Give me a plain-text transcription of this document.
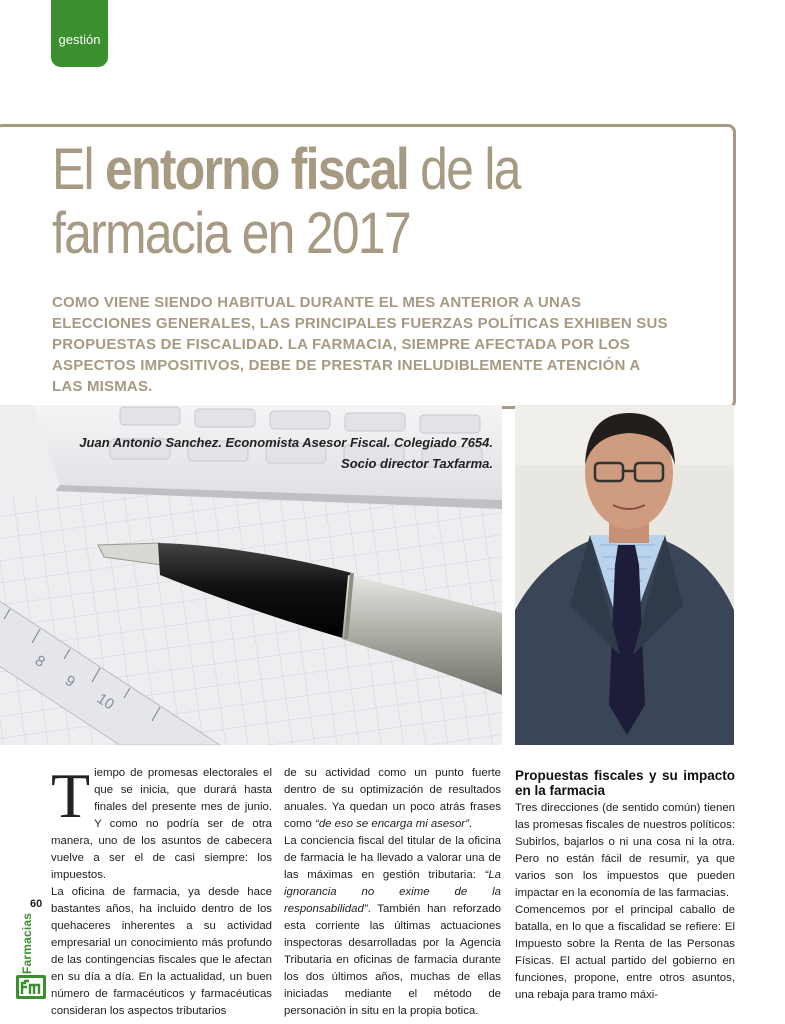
gestión
El entorno fiscal de la
farmacia en 2017

COMO VIENE SIENDO HABITUAL DURANTE EL MES ANTERIOR A UNAS ELECCIONES GENERALES, LAS PRINCIPALES FUERZAS POLÍTICAS EXHIBEN SUS PROPUESTAS DE FISCALIDAD. LA FARMACIA, SIEMPRE AFECTADA POR LOS ASPECTOS IMPOSITIVOS, DEBE DE PRESTAR INELUDIBLEMENTE ATENCIÓN A LAS MISMAS.

8
9
10

Juan Antonio Sanchez. Economista Asesor Fiscal. Colegiado 7654.
Socio director Taxfarma.

T iempo de promesas electorales el que se inicia, que durará hasta finales del presente mes de junio. Y como no podría ser de otra manera, uno de los asuntos de cabecera vuelve a ser el de casi siempre: los impuestos.

La oficina de farmacia, ya desde hace bastantes años, ha incluido dentro de los quehaceres inherentes a su actividad empresarial un conocimiento más profundo de las contingencias fiscales que le afectan en su día a día. En la actualidad, un buen número de farmacéuticos y farmacéuticas consideran los aspectos tributarios

de su actividad como un punto fuerte dentro de su optimización de resultados anuales. Ya quedan un poco atrás frases como “de eso se encarga mi asesor”.

La conciencia fiscal del titular de la oficina de farmacia le ha llevado a valorar una de las máximas en gestión tributaria: “La ignorancia no exime de la responsabilidad”. También han reforzado esta corriente las últimas actuaciones inspectoras desarrolladas por la Agencia Tributaria en oficinas de farmacia durante los dos últimos años, muchas de ellas iniciadas mediante el método de personación in situ en la propia botica.

Propuestas fiscales y su impacto en la farmacia

Tres direcciones (de sentido común) tienen las promesas fiscales de nuestros políticos: Subirlos, bajarlos o ni una cosa ni la otra. Pero no están fácil de resumir, ya que varios son los impuestos que pueden impactar en la economía de las farmacias.

Comencemos por el principal caballo de batalla, en lo que a fiscalidad se refiere: El Impuesto sobre la Renta de las Personas Físicas. El actual partido del gobierno en funciones, propone, entre otros asuntos, una rebaja para tramo máxi-

60
Farmacias
